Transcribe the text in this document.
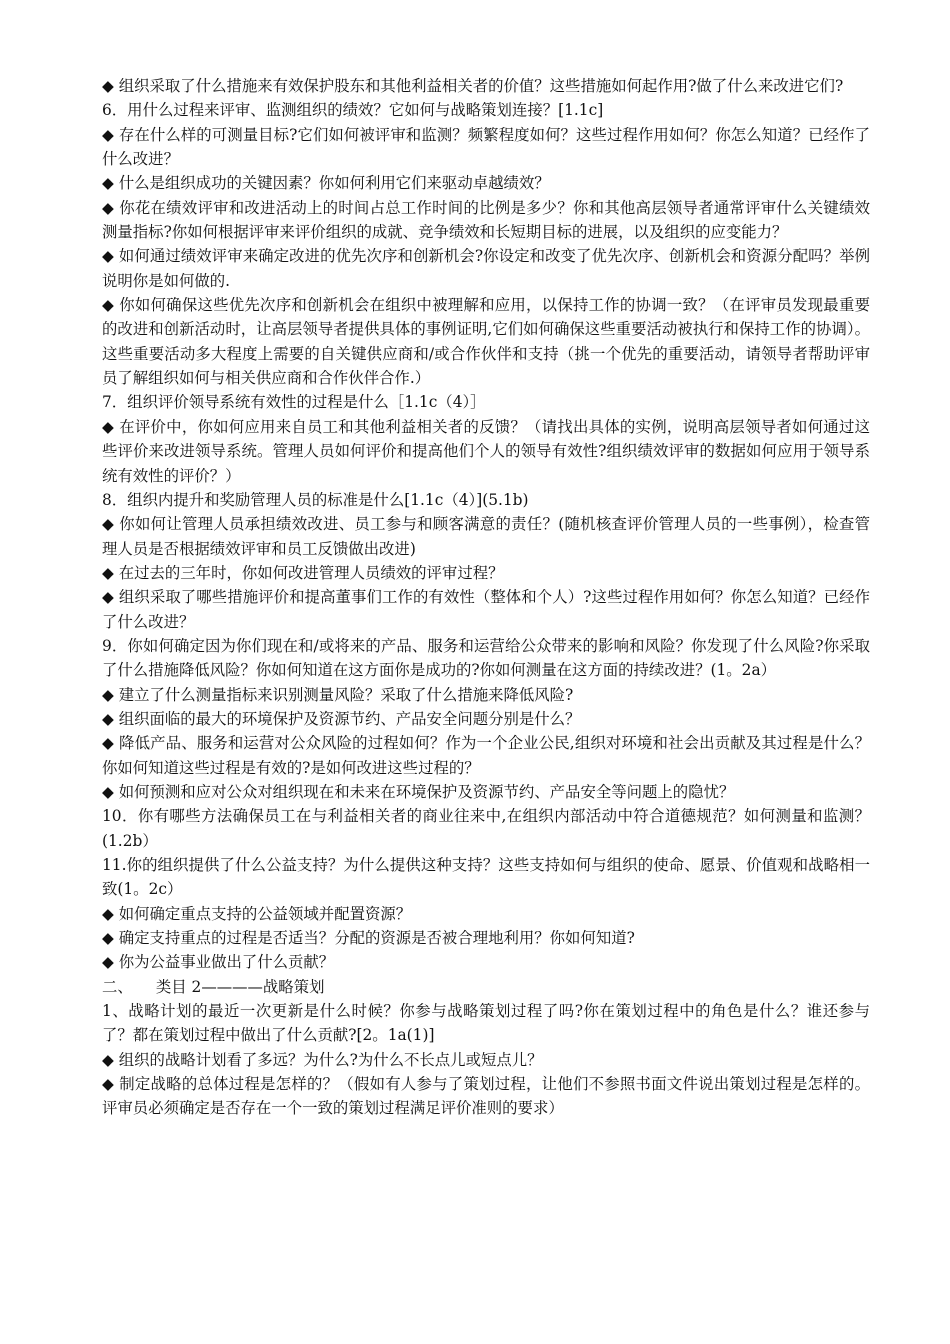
◆ 组织采取了什么措施来有效保护股东和其他利益相关者的价值？这些措施如何起作用?做了什么来改进它们?

6．用什么过程来评审、监测组织的绩效？它如何与战略策划连接？[1.1c]

◆ 存在什么样的可测量目标?它们如何被评审和监测？频繁程度如何？这些过程作用如何？你怎么知道？已经作了什么改进？

◆ 什么是组织成功的关键因素？你如何利用它们来驱动卓越绩效？

◆ 你花在绩效评审和改进活动上的时间占总工作时间的比例是多少？你和其他高层领导者通常评审什么关键绩效测量指标?你如何根据评审来评价组织的成就、竞争绩效和长短期目标的进展，以及组织的应变能力？

◆ 如何通过绩效评审来确定改进的优先次序和创新机会?你设定和改变了优先次序、创新机会和资源分配吗？举例说明你是如何做的.

◆ 你如何确保这些优先次序和创新机会在组织中被理解和应用，以保持工作的协调一致？（在评审员发现最重要的改进和创新活动时，让高层领导者提供具体的事例证明,它们如何确保这些重要活动被执行和保持工作的协调）。这些重要活动多大程度上需要的自关键供应商和/或合作伙伴和支持（挑一个优先的重要活动，请领导者帮助评审员了解组织如何与相关供应商和合作伙伴合作.）

7．组织评价领导系统有效性的过程是什么［1.1c（4）］

◆ 在评价中，你如何应用来自员工和其他利益相关者的反馈？（请找出具体的实例，说明高层领导者如何通过这些评价来改进领导系统。管理人员如何评价和提高他们个人的领导有效性?组织绩效评审的数据如何应用于领导系统有效性的评价？）

8．组织内提升和奖励管理人员的标准是什么[1.1c（4）](5.1b)

◆ 你如何让管理人员承担绩效改进、员工参与和顾客满意的责任？(随机核查评价管理人员的一些事例），检查管理人员是否根据绩效评审和员工反馈做出改进)

◆ 在过去的三年时，你如何改进管理人员绩效的评审过程？

◆ 组织采取了哪些措施评价和提高董事们工作的有效性（整体和个人）?这些过程作用如何？你怎么知道？已经作了什么改进？

9．你如何确定因为你们现在和/或将来的产品、服务和运营给公众带来的影响和风险？你发现了什么风险?你采取了什么措施降低风险？你如何知道在这方面你是成功的?你如何测量在这方面的持续改进？(1。2a）

◆ 建立了什么测量指标来识别测量风险？采取了什么措施来降低风险?

◆ 组织面临的最大的环境保护及资源节约、产品安全问题分别是什么？

◆ 降低产品、服务和运营对公众风险的过程如何？作为一个企业公民,组织对环境和社会出贡献及其过程是什么？你如何知道这些过程是有效的?是如何改进这些过程的？

◆ 如何预测和应对公众对组织现在和未来在环境保护及资源节约、产品安全等问题上的隐忧？

10．你有哪些方法确保员工在与利益相关者的商业往来中,在组织内部活动中符合道德规范？如何测量和监测？(1.2b）

11.你的组织提供了什么公益支持？为什么提供这种支持？这些支持如何与组织的使命、愿景、价值观和战略相一致(1。2c）

◆ 如何确定重点支持的公益领域并配置资源？

◆ 确定支持重点的过程是否适当？分配的资源是否被合理地利用？你如何知道?

◆ 你为公益事业做出了什么贡献？

二、　　类目 2————战略策划

1、战略计划的最近一次更新是什么时候？你参与战略策划过程了吗?你在策划过程中的角色是什么？谁还参与了？都在策划过程中做出了什么贡献?[2。1a(1)]

◆ 组织的战略计划看了多远？为什么?为什么不长点儿或短点儿？

◆ 制定战略的总体过程是怎样的？（假如有人参与了策划过程，让他们不参照书面文件说出策划过程是怎样的。评审员必须确定是否存在一个一致的策划过程满足评价准则的要求）
